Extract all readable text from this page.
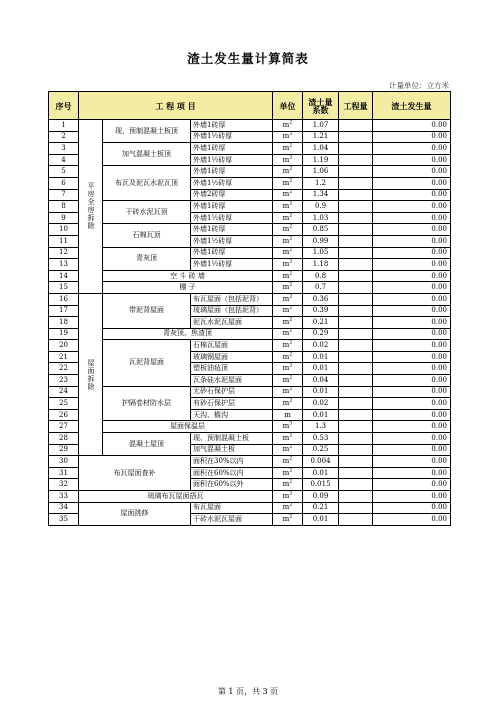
渣土发生量计算简表
计量单位：立方米
序号	工 程 项 目			单位	渣土量系数	工程量	渣土发生量
1	平房全房拆除	现、预制混凝土板顶	外墙1砖厚	$m^2$	1.07		0.00
2			外墙1½砖厚	$m^2$	1.21		0.00
3		加气混凝土板顶	外墙1砖厚	$m^2$	1.04		0.00
4			外墙1½砖厚	$m^2$	1.19		0.00
5		布瓦及泥瓦水泥瓦顶	外墙1砖厚	$m^2$	1.06		0.00
6			外墙1½砖厚	$m^2$	1.2		0.00
7			外墙2砖厚	$m^2$	1.34		0.00
8		干砖水泥瓦顶	外墙1砖厚	$m^2$	0.9		0.00
9			外墙1½砖厚	$m^2$	1.03		0.00
10		石棉瓦顶	外墙1砖厚	$m^2$	0.85		0.00
11			外墙1½砖厚	$m^2$	0.99		0.00
12		青灰顶	外墙1砖厚	$m^2$	1.05		0.00
13			外墙1½砖厚	$m^2$	1.18		0.00
14		空 斗 砖 墙		$m^2$	0.8		0.00
15		棚 子		$m^2$	0.7		0.00
16	屋面拆除	带泥背屋面	布瓦屋面（包括泥背）	$m^2$	0.36		0.00
17			琉璃屋面（包括泥背）	$m^2$	0.39		0.00
18			泥瓦水泥瓦屋面	$m^2$	0.21		0.00
19		青灰顶、焦渣顶		$m^2$	0.29		0.00
20		瓦泥背屋面	石棉瓦屋面	$m^2$	0.02		0.00
21			玻璃钢屋面	$m^2$	0.01		0.00
22			塑板油毡顶	$m^2$	0.01		0.00
23			瓦条硅水泥屋面	$m^2$	0.04		0.00
24		护隔卷材防水层	无砂石保护层	$m^2$	0.01		0.00
25			有砂石保护层	$m^2$	0.02		0.00
26			天沟、檐沟	m	0.01		0.00
27		屋面保温层		$m^3$	1.3		0.00
28		混凝土屋顶	现、预制混凝土板	$m^2$	0.53		0.00
29			加气混凝土板	$m^2$	0.25		0.00
30	布瓦屋面查补		面积在30%以内	$m^2$	0.004		0.00
31			面积在60%以内	$m^2$	0.01		0.00
32			面积在60%以外	$m^2$	0.015		0.00
33	琉璃布瓦屋面捂瓦			$m^2$	0.09		0.00
34	屋面挑修		布瓦屋面	$m^2$	0.21		0.00
35			干砖水泥瓦屋面	$m^2$	0.01		0.00
第 1 页，共 3 页
